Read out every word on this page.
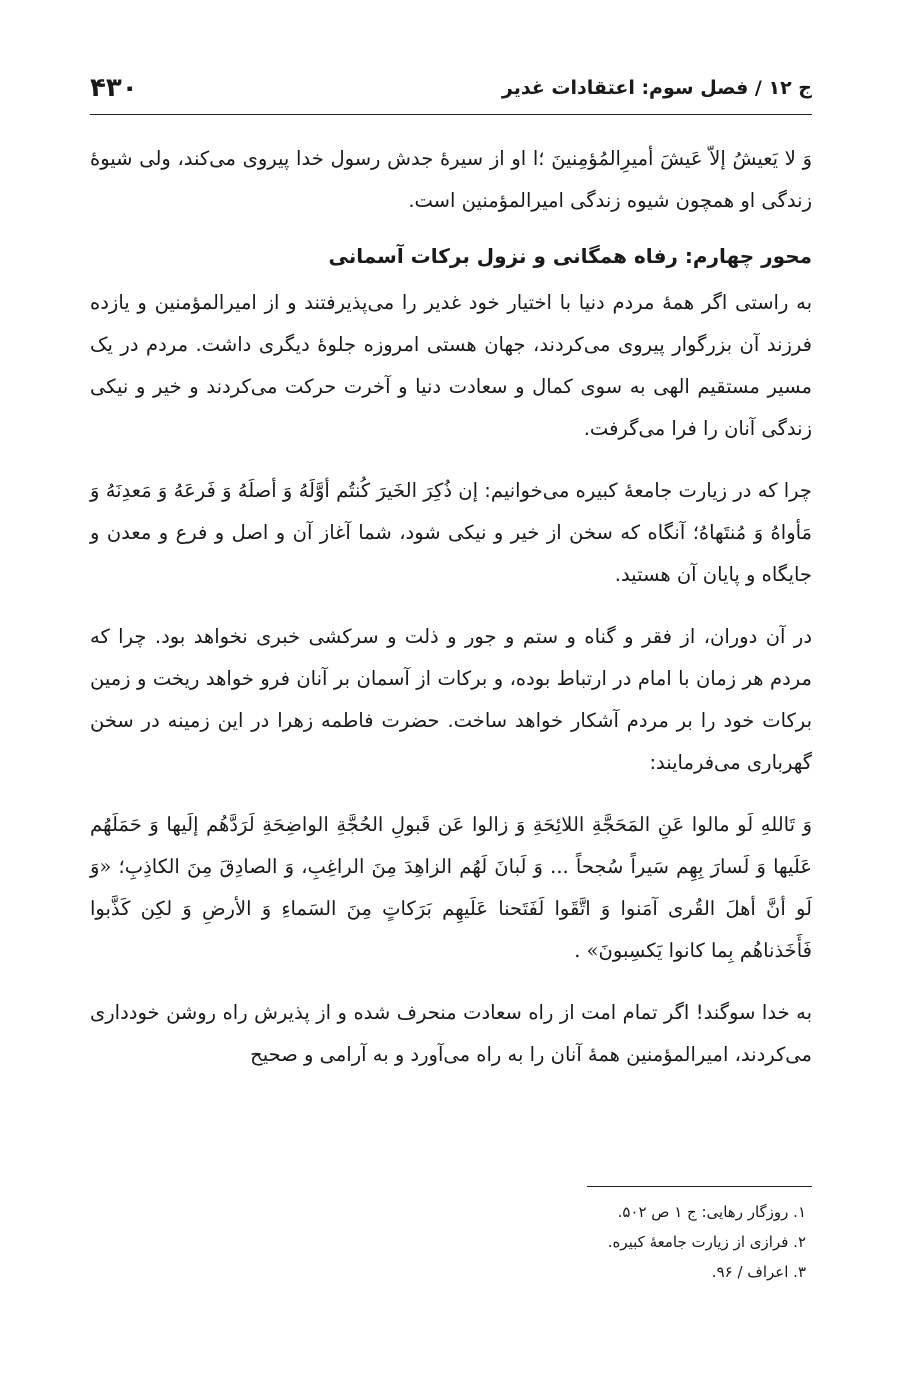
ج ۱۲ / فصل سوم: اعتقادات غدیر
۴۳۰

وَ لا یَعیشُ إلاّ عَیشَ أمیرِالمُؤمِنینَ ؛ا او از سیرهٔ جدش رسول خدا پیروی می‌کند، ولی شیوهٔ زندگی او همچون شیوه زندگی امیرالمؤمنین است.

محور چهارم: رفاه همگانی و نزول برکات آسمانی

به راستی اگر همهٔ مردم دنیا با اختیار خود غدیر را می‌پذیرفتند و از امیرالمؤمنین و یازده فرزند آن بزرگوار پیروی می‌کردند، جهان هستی امروزه جلوهٔ دیگری داشت. مردم در یک مسیر مستقیم الهی به سوی کمال و سعادت دنیا و آخرت حرکت می‌کردند و خیر و نیکی زندگی آنان را فرا می‌گرفت.

چرا که در زیارت جامعهٔ کبیره می‌خوانیم: إن ذُکِرَ الخَیرَ کُنتُم أوَّلَهُ وَ أصلَهُ وَ فَرعَهُ وَ مَعدِنَهُ وَ مَأواهُ وَ مُنتَهاهُ؛ آنگاه که سخن از خیر و نیکی شود، شما آغاز آن و اصل و فرع و معدن و جایگاه و پایان آن هستید.

در آن دوران، از فقر و گناه و ستم و جور و ذلت و سرکشی خبری نخواهد بود. چرا که مردم هر زمان با امام در ارتباط بوده، و برکات از آسمان بر آنان فرو خواهد ریخت و زمین برکات خود را بر مردم آشکار خواهد ساخت. حضرت فاطمه زهرا در این زمینه در سخن گهرباری می‌فرمایند:

وَ تَاللهِ لَو مالوا عَنِ المَحَجَّةِ اللائِحَةِ وَ زالوا عَن قَبولِ الحُجَّةِ الواضِحَةِ لَرَدَّهُم إلَیها وَ حَمَلَهُم عَلَیها وَ لَسارَ بِهِم سَیراً سُجحاً ... وَ لَبانَ لَهُم الزاهِدَ مِنَ الراغِبِ، وَ الصادِقَ مِنَ الکاذِبِ؛ «وَ لَو أنَّ أهلَ القُری آمَنوا وَ اتَّقَوا لَفَتَحنا عَلَیهِم بَرَکاتٍ مِنَ السَماءِ وَ الأرضِ وَ لکِن کَذَّبوا فَأَخَذناهُم بِما کانوا یَکسِبونَ» .

به خدا سوگند! اگر تمام امت از راه سعادت منحرف شده و از پذیرش راه روشن خودداری می‌کردند، امیرالمؤمنین همهٔ آنان را به راه می‌آورد و به آرامی و صحیح

۱. روزگار رهایی: ج ۱ ص ۵۰۲.
۲. فرازی از زیارت جامعهٔ کبیره.
۳. اعراف / ۹۶.
